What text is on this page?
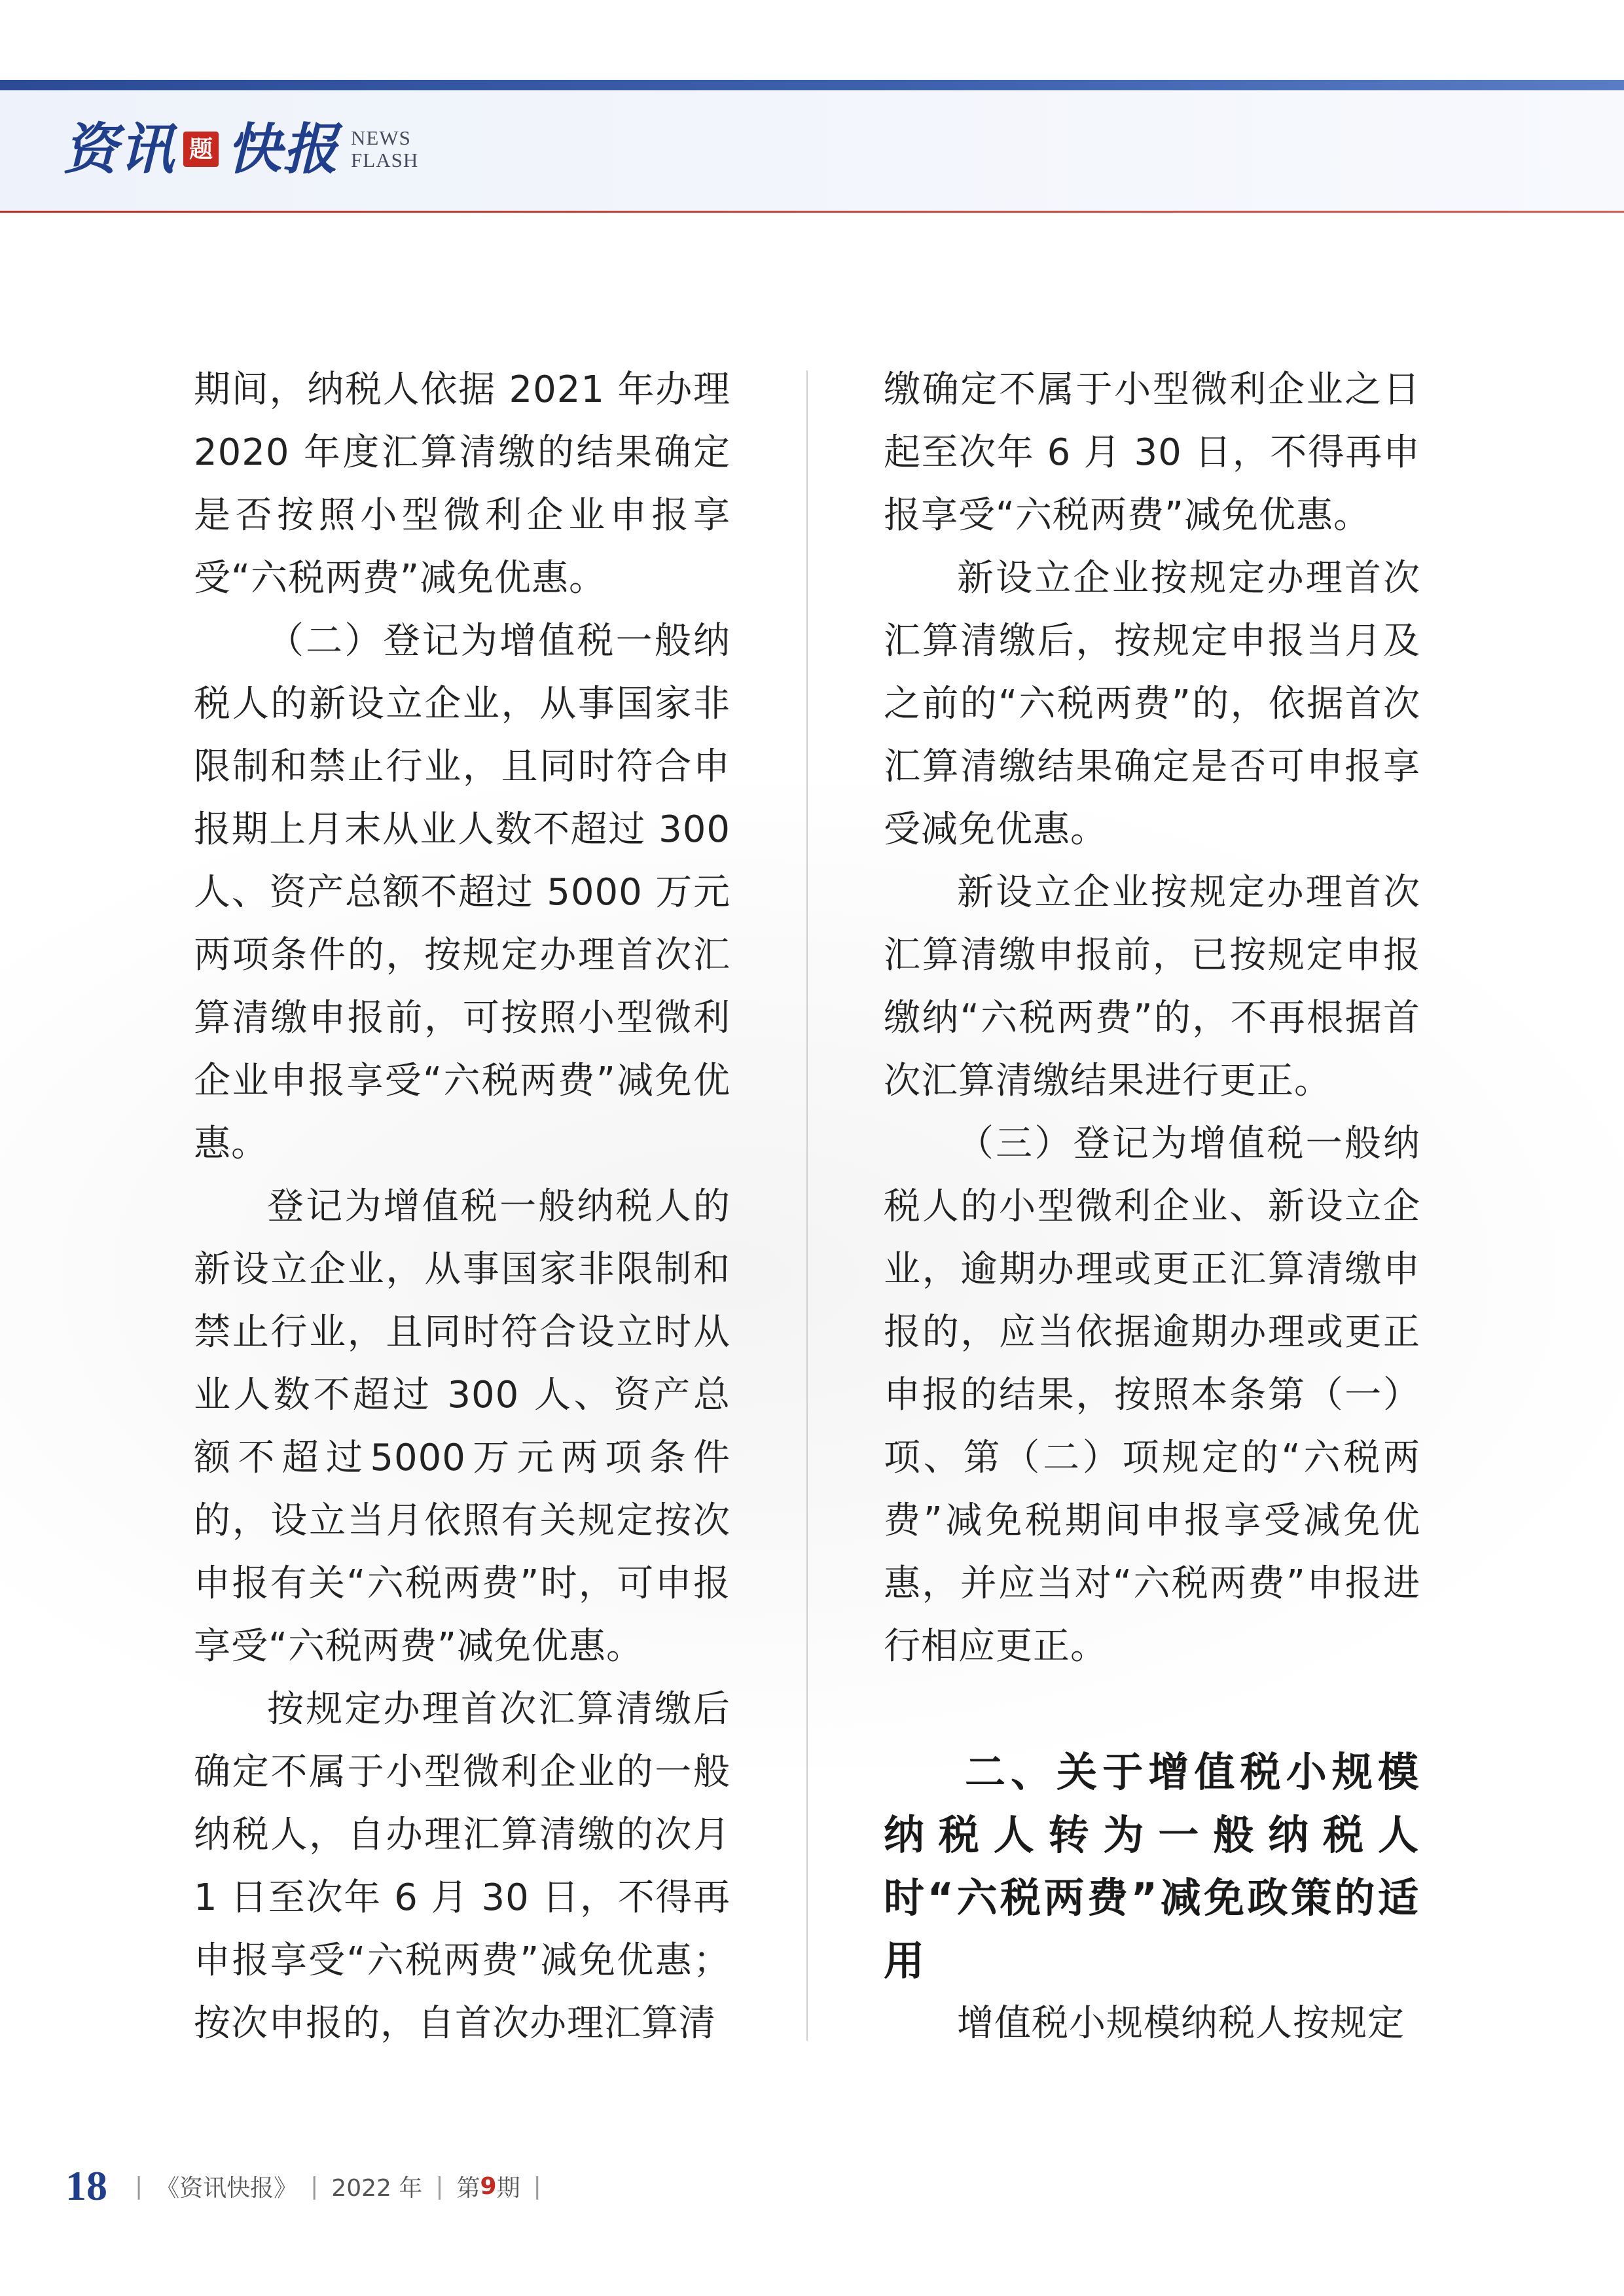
资讯 题 快报 NEWS
FLASH

期间，纳税人依据 2021 年办理 2020 年度汇算清缴的结果确定是否按照小型微利企业申报享受“六税两费”减免优惠。

（二）登记为增值税一般纳税人的新设立企业，从事国家非限制和禁止行业，且同时符合申报期上月末从业人数不超过 300 人、资产总额不超过 5000 万元两项条件的，按规定办理首次汇算清缴申报前，可按照小型微利企业申报享受“六税两费”减免优惠。

登记为增值税一般纳税人的新设立企业，从事国家非限制和禁止行业，且同时符合设立时从业人数不超过 300 人、资产总额不超过5000万元两项条件的，设立当月依照有关规定按次申报有关“六税两费”时，可申报享受“六税两费”减免优惠。

按规定办理首次汇算清缴后确定不属于小型微利企业的一般纳税人，自办理汇算清缴的次月 1 日至次年 6 月 30 日，不得再申报享受“六税两费”减免优惠；按次申报的，自首次办理汇算清

缴确定不属于小型微利企业之日起至次年 6 月 30 日，不得再申报享受“六税两费”减免优惠。

新设立企业按规定办理首次汇算清缴后，按规定申报当月及之前的“六税两费”的，依据首次汇算清缴结果确定是否可申报享受减免优惠。

新设立企业按规定办理首次汇算清缴申报前，已按规定申报缴纳“六税两费”的，不再根据首次汇算清缴结果进行更正。

（三）登记为增值税一般纳税人的小型微利企业、新设立企业，逾期办理或更正汇算清缴申报的，应当依据逾期办理或更正申报的结果，按照本条第（一）项、第（二）项规定的“六税两费”减免税期间申报享受减免优惠，并应当对“六税两费”申报进行相应更正。

二、关于增值税小规模纳税人转为一般纳税人时“六税两费”减免政策的适用

增值税小规模纳税人按规定

18 | 《资讯快报》 | 2022 年 | 第 9 期 |
